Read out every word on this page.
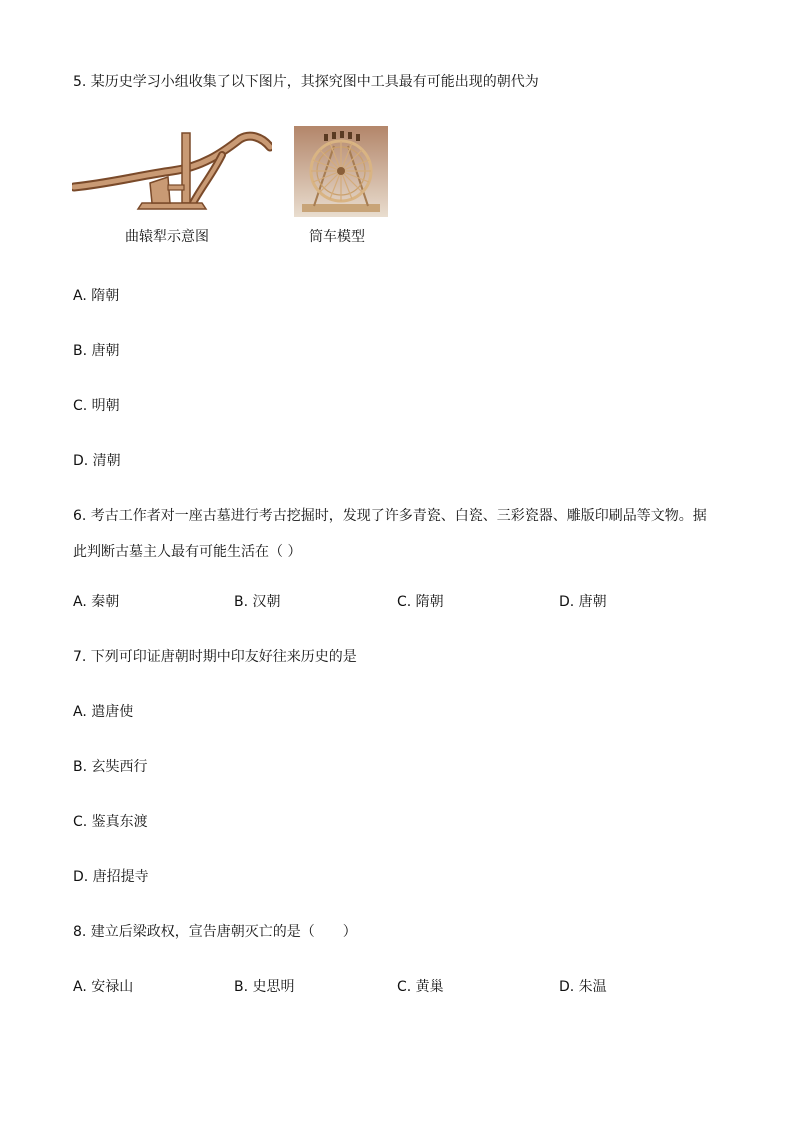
5. 某历史学习小组收集了以下图片，其探究图中工具最有可能出现的朝代为
曲辕犁示意图	筒车模型
A. 隋朝
B. 唐朝
C. 明朝
D. 清朝
6. 考古工作者对一座古墓进行考古挖掘时，发现了许多青瓷、白瓷、三彩瓷器、雕版印刷品等文物。据
此判断古墓主人最有可能生活在（ ）
A. 秦朝	B. 汉朝	C. 隋朝	D. 唐朝
7. 下列可印证唐朝时期中印友好往来历史的是
A. 遣唐使
B. 玄奘西行
C. 鉴真东渡
D. 唐招提寺
8. 建立后梁政权，宣告唐朝灭亡的是（　　）
A. 安禄山	B. 史思明	C. 黄巢	D. 朱温
